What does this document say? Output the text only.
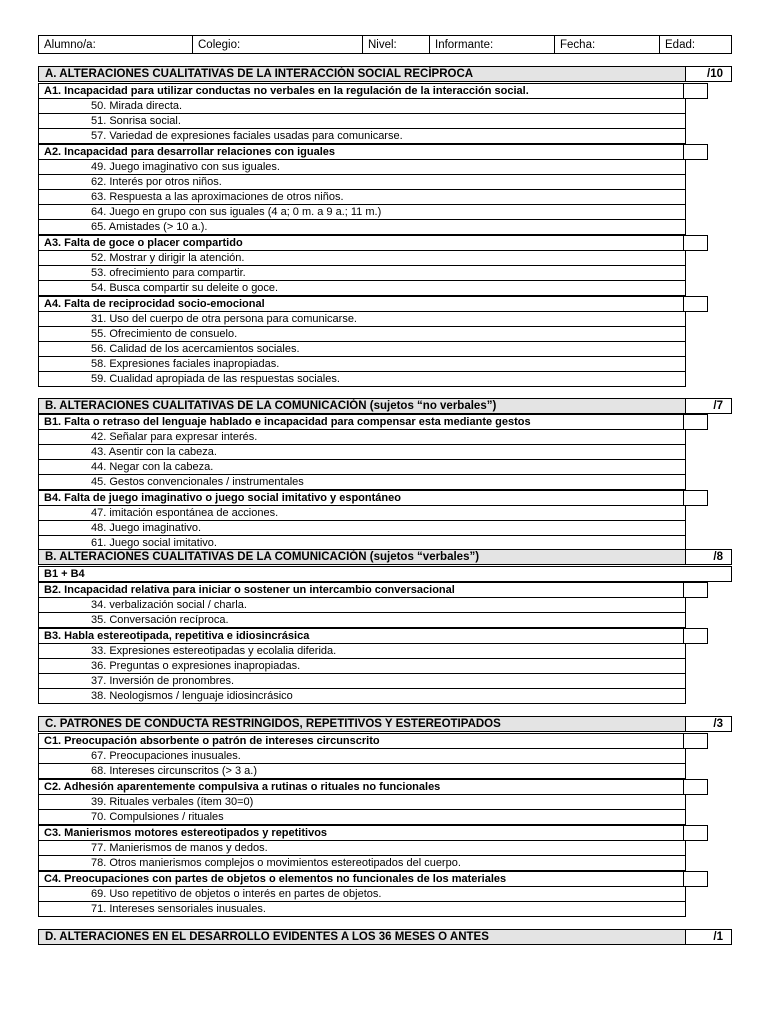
Alumno/a:	Colegio:	Nivel:	Informante:	Fecha:	Edad:
A. ALTERACIONES CUALITATIVAS DE LA INTERACCIÓN SOCIAL RECÍPROCA	/10
A1. Incapacidad para utilizar conductas no verbales en la regulación de la interacción social.
50. Mirada directa.
51. Sonrisa social.
57. Variedad de expresiones faciales usadas para comunicarse.
A2. Incapacidad para desarrollar relaciones con iguales
49. Juego imaginativo con sus iguales.
62. Interés por otros niños.
63. Respuesta a las aproximaciones de otros niños.
64. Juego en grupo con sus iguales (4 a; 0 m. a 9 a.; 11 m.)
65. Amistades (> 10 a.).
A3. Falta de goce o placer compartido
52. Mostrar y dirigir la atención.
53. ofrecimiento para compartir.
54. Busca compartir su deleite o goce.
A4. Falta de reciprocidad socio-emocional
31. Uso del cuerpo de otra persona para comunicarse.
55. Ofrecimiento de consuelo.
56. Calidad de los acercamientos sociales.
58. Expresiones faciales inapropiadas.
59. Cualidad apropiada de las respuestas sociales.
B. ALTERACIONES CUALITATIVAS DE LA COMUNICACIÓN (sujetos “no verbales”)	/7
B1. Falta o retraso del lenguaje hablado e incapacidad para compensar esta mediante gestos
42. Señalar para expresar interés.
43. Asentir con la cabeza.
44. Negar con la cabeza.
45. Gestos convencionales / instrumentales
B4. Falta de juego imaginativo o juego social imitativo y espontáneo
47. imitación espontánea de acciones.
48. Juego imaginativo.
61. Juego social imitativo.
B. ALTERACIONES CUALITATIVAS DE LA COMUNICACIÓN (sujetos “verbales”)	/8
B1 + B4
B2. Incapacidad relativa para iniciar o sostener un intercambio conversacional
34. verbalización social / charla.
35. Conversación recíproca.
B3. Habla estereotipada, repetitiva e idiosincrásica
33. Expresiones estereotipadas y ecolalia diferida.
36. Preguntas o expresiones inapropiadas.
37. Inversión de pronombres.
38. Neologismos / lenguaje idiosincrásico
C. PATRONES DE CONDUCTA RESTRINGIDOS, REPETITIVOS Y ESTEREOTIPADOS	/3
C1. Preocupación absorbente o patrón de intereses circunscrito
67. Preocupaciones inusuales.
68. Intereses circunscritos (> 3 a.)
C2. Adhesión aparentemente compulsiva a rutinas o rituales no funcionales
39. Rituales verbales (ítem 30=0)
70. Compulsiones / rituales
C3. Manierismos motores estereotipados y repetitivos
77. Manierismos de manos y dedos.
78. Otros manierismos complejos o movimientos estereotipados del cuerpo.
C4. Preocupaciones con partes de objetos o elementos no funcionales de los materiales
69. Uso repetitivo de objetos o interés en partes de objetos.
71. Intereses sensoriales inusuales.
D. ALTERACIONES EN EL DESARROLLO EVIDENTES A LOS 36 MESES O ANTES	/1
